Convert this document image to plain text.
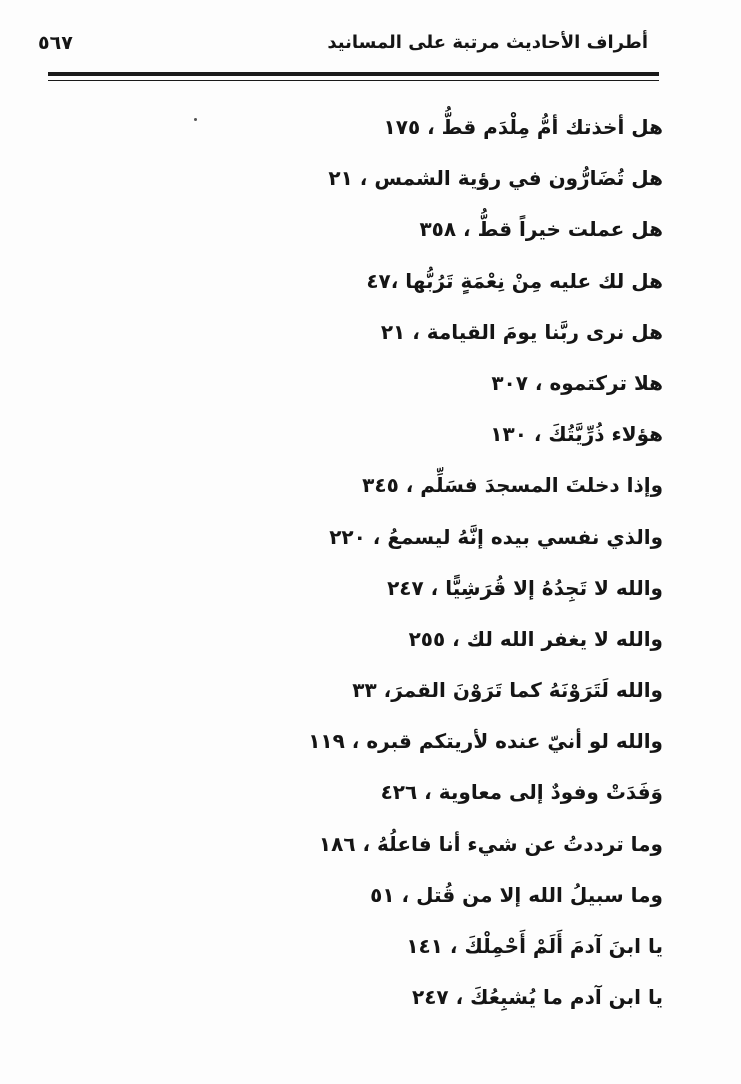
٥٦٧	أطراف الأحاديث مرتبة على المسانيد
هل أخذتك أمُّ مِلْدَم قطُّ ، ١٧٥
هل تُضَارُّون في رؤية الشمس ، ٢١
هل عملت خيراً قطُّ ، ٣٥٨
هل لك عليه مِنْ نِعْمَةٍ تَرُبُّها ،٤٧
هل نرى ربَّنا يومَ القيامة ، ٢١
هلا تركتموه ، ٣٠٧
هؤلاء ذُرِّيَّتُكَ ، ١٣٠
وإذا دخلتَ المسجدَ فسَلِّم ، ٣٤٥
والذي نفسي بيده إنَّهُ ليسمعُ ، ٢٢٠
والله لا تَجِدُهُ إلا قُرَشِيًّا ، ٢٤٧
والله لا يغفر الله لك ، ٢٥٥
والله لَتَرَوْنَهُ كما تَرَوْنَ القمرَ، ٣٣
والله لو أنيّ عنده لأريتكم قبره ، ١١٩
وَفَدَتْ وفودٌ إلى معاوية ، ٤٢٦
وما ترددتُ عن شيء أنا فاعلُهُ ، ١٨٦
وما سبيلُ الله إلا من قُتل ، ٥١
يا ابنَ آدمَ أَلَمْ أَحْمِلْكَ ، ١٤١
يا ابن آدم ما يُشبِعُكَ ، ٢٤٧
